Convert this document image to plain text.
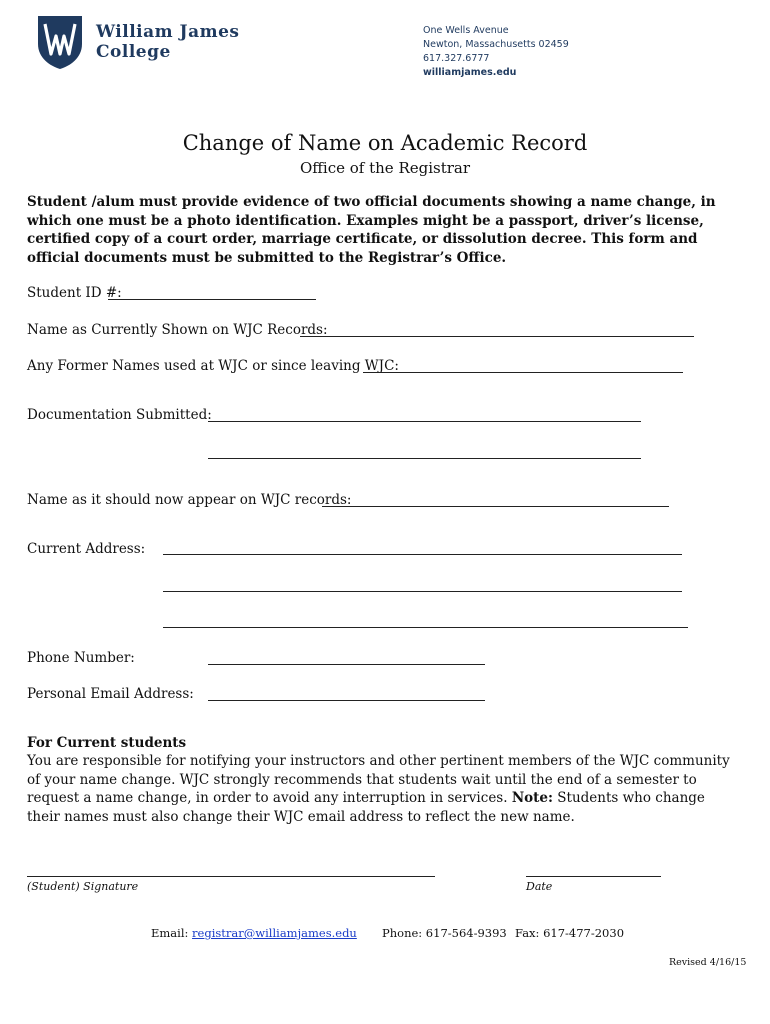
William James
College
One Wells Avenue
Newton, Massachusetts 02459
617.327.6777
williamjames.edu
Change of Name on Academic Record
Office of the Registrar
Student /alum must provide evidence of two official documents showing a name change, in which one must be a photo identification. Examples might be a passport, driver’s license, certified copy of a court order, marriage certificate, or dissolution decree. This form and official documents must be submitted to the Registrar’s Office.
Student ID #:
Name as Currently Shown on WJC Records:
Any Former Names used at WJC or since leaving WJC:
Documentation Submitted:
Name as it should now appear on WJC records:
Current Address:
Phone Number:
Personal Email Address:
For Current students
You are responsible for notifying your instructors and other pertinent members of the WJC community of your name change. WJC strongly recommends that students wait until the end of a semester to request a name change, in order to avoid any interruption in services. Note: Students who change their names must also change their WJC email address to reflect the new name.
(Student) Signature	Date
Email: registrar@williamjames.edu Phone: 617-564-9393 Fax: 617-477-2030
Revised 4/16/15
